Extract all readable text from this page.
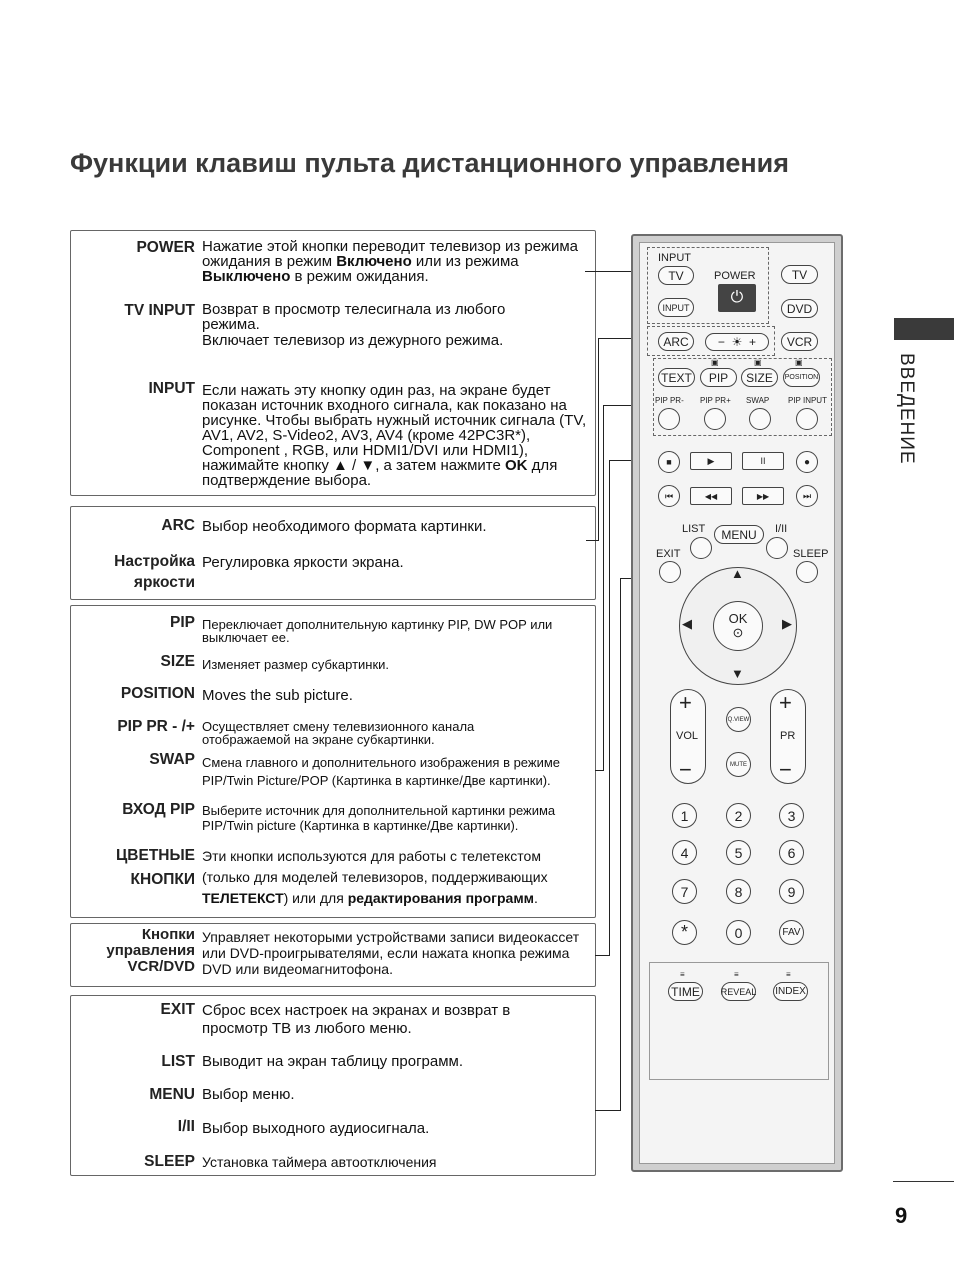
Функции клавиш пульта дистанционного управления
ВВЕДЕНИЕ
9
POWER Нажатие этой кнопки переводит телевизор из режима ожидания в режим Включено или из режима Выключено в режим ожидания.
TV INPUT Возврат в просмотр телесигнала из любого режима.
Включает телевизор из дежурного режима.
INPUT Если нажать эту кнопку один раз, на экране будет показан источник входного сигнала, как показано на рисунке. Чтобы выбрать нужный источник сигнала (TV, AV1, AV2, S-Video2, AV3, AV4 (кроме 42PC3R*), Component , RGB, или HDMI1/DVI или HDMI1), нажимайте кнопку ▲ / ▼, а затем нажмите OK для подтверждение выбора.
ARC Выбор необходимого формата картинки.
Настройка
яркости
Регулировка яркости экрана.
PIP Переключает дополнительную картинку PIP, DW POP или выключает ее.
SIZE Изменяет размер субкартинки.
POSITION Moves the sub picture.
PIP PR - /+ Осуществляет смену телевизионного канала отображаемой на экране субкартинки.
SWAP Смена главного и дополнительного изображения в режиме PIP/Twin Picture/POP (Картинка в картинке/Две картинки).
ВХОД PIP Выберите источник для дополнительной картинки режима PIP/Twin picture (Картинка в картинке/Две картинки).
ЦВЕТНЫЕ
КНОПКИ
Эти кнопки используются для работы с телетекстом (только для моделей телевизоров, поддерживающих ТЕЛЕТЕКСТ) или для редактирования программ.
Кнопки
управления
VCR/DVD
Управляет некоторыми устройствами записи видеокассет или DVD-проигрывателями, если нажата кнопка режима DVD или видеомагнитофона.
EXIT Сброс всех настроек на экранах и возврат в просмотр ТВ из любого меню.
LIST Выводит на экран таблицу программ.
MENU Выбор меню.
I/II Выбор выходного аудиосигнала.
SLEEP Установка таймера автоотключения
INPUT
TV	POWER
⏻
TV
INPUT	DVD
ARC	−
☀
+	VCR
▣	▣	▣
TEXT	PIP	SIZE	POSITION
PIP PR- PIP PR+ SWAP PIP INPUT
■	▶	II	●
⏮	◀◀	▶▶	⏭
LIST	MENU	I/II
EXIT	SLEEP
▲
▼
◀	▶
OK
⊙
+
VOL
−
+
PR
−
Q.VIEW
MUTE
1	2	3
4	5	6
7	8	9
*	0	FAV
≡	≡	≡
TIME	REVEAL INDEX
